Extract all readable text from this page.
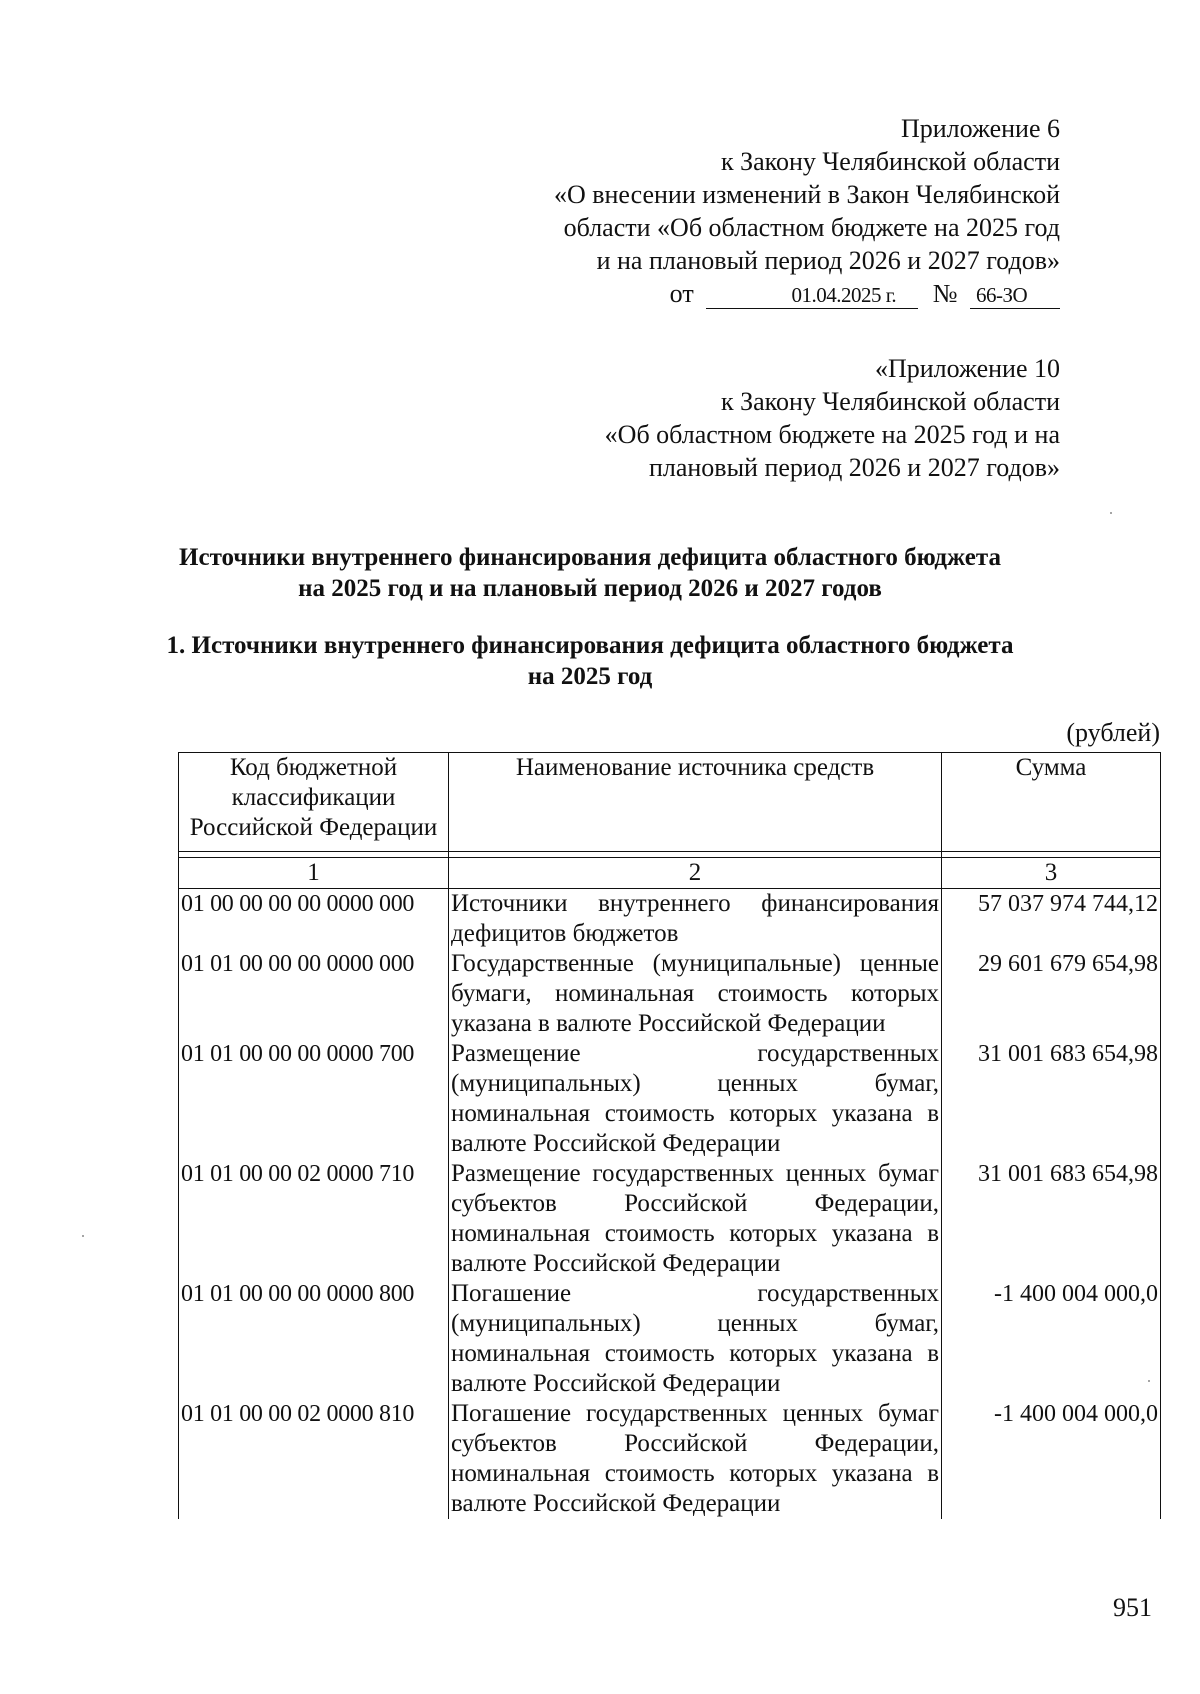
Приложение 6
к Закону Челябинской области
«О внесении изменений в Закон Челябинской
области «Об областном бюджете на 2025 год
и на плановый период 2026 и 2027 годов»
от	01.04.2025 г. № 66-ЗО
«Приложение 10
к Закону Челябинской области
«Об областном бюджете на 2025 год и на
плановый период 2026 и 2027 годов»
Источники внутреннего финансирования дефицита областного бюджета
на 2025 год и на плановый период 2026 и 2027 годов
1. Источники внутреннего финансирования дефицита областного бюджета
на 2025 год
(рублей)
Код бюджетной классификации Российской Федерации	Наименование источника средств	Сумма

1	2	3
01 00 00 00 00 0000 000	Источники внутреннего финансирования дефицитов бюджетов	57 037 974 744,12
01 01 00 00 00 0000 000	Государственные (муниципальные) ценные бумаги, номинальная стоимость которых указана в валюте Российской Федерации	29 601 679 654,98
01 01 00 00 00 0000 700	Размещение государственных (муниципальных) ценных бумаг, номинальная стоимость которых указана в валюте Российской Федерации	31 001 683 654,98
01 01 00 00 02 0000 710	Размещение государственных ценных бумаг субъектов Российской Федерации, номинальная стоимость которых указана в валюте Российской Федерации	31 001 683 654,98
01 01 00 00 00 0000 800	Погашение государственных (муниципальных) ценных бумаг, номинальная стоимость которых указана в валюте Российской Федерации	-1 400 004 000,0
01 01 00 00 02 0000 810	Погашение государственных ценных бумаг субъектов Российской Федерации, номинальная стоимость которых указана в валюте Российской Федерации	-1 400 004 000,0
951
